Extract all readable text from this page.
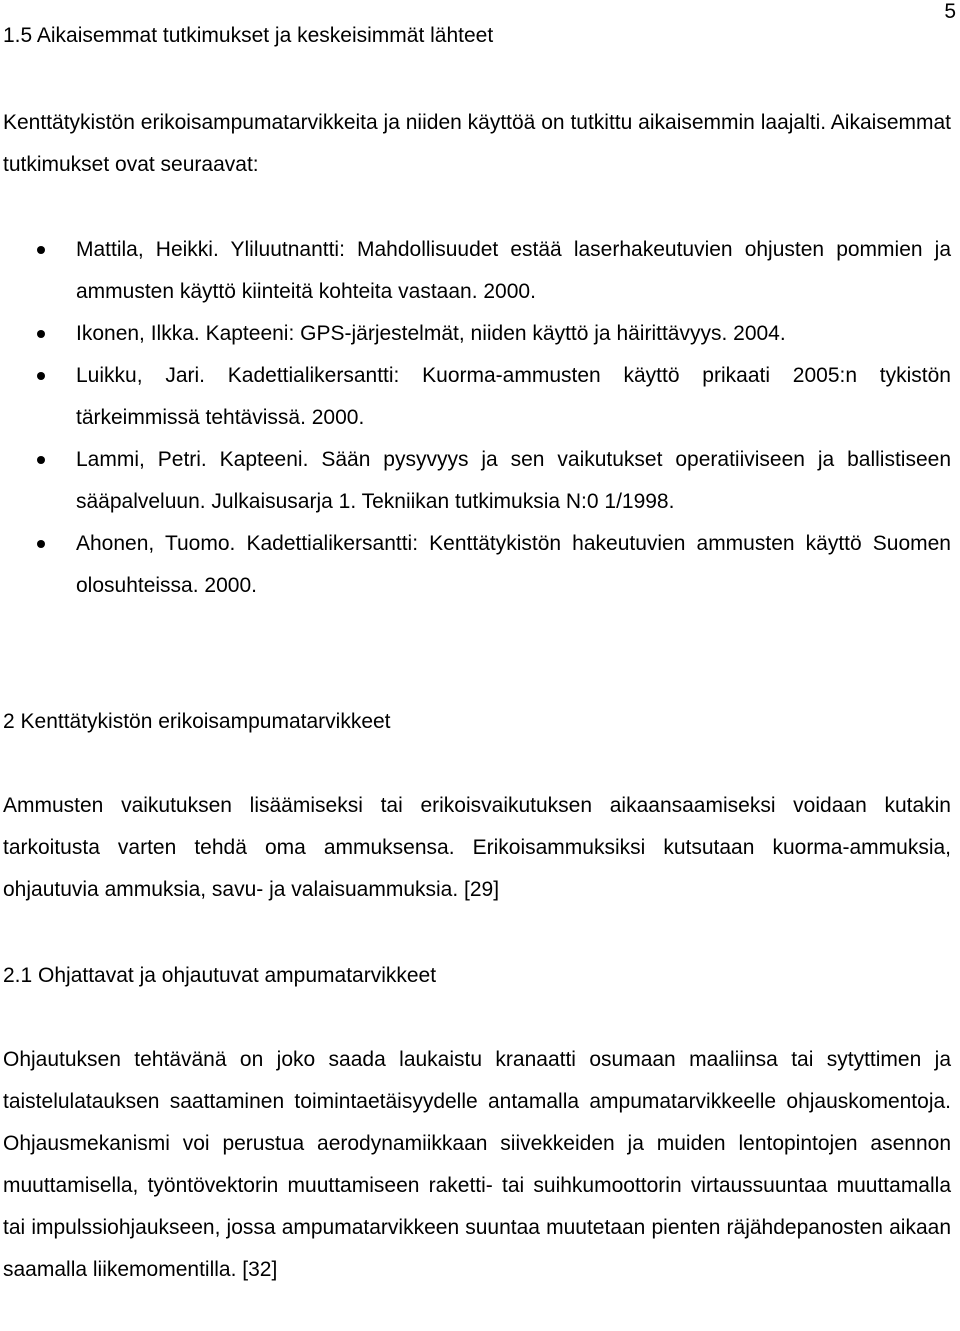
5
1.5 Aikaisemmat tutkimukset ja keskeisimmät lähteet
Kenttätykistön erikoisampumatarvikkeita ja niiden käyttöä on tutkittu aikaisemmin laajalti. Aikaisemmat tutkimukset ovat seuraavat:
Mattila, Heikki. Yliluutnantti: Mahdollisuudet estää laserhakeutuvien ohjusten pommien ja ammusten käyttö kiinteitä kohteita vastaan. 2000.
Ikonen, Ilkka. Kapteeni: GPS-järjestelmät, niiden käyttö ja häirittävyys. 2004.
Luikku, Jari. Kadettialikersantti: Kuorma-ammusten käyttö prikaati 2005:n tykistön tärkeimmissä tehtävissä. 2000.
Lammi, Petri. Kapteeni. Sään pysyvyys ja sen vaikutukset operatiiviseen ja ballistiseen sääpalveluun. Julkaisusarja 1. Tekniikan tutkimuksia N:0 1/1998.
Ahonen, Tuomo. Kadettialikersantti: Kenttätykistön hakeutuvien ammusten käyttö Suomen olosuhteissa. 2000.
2 Kenttätykistön erikoisampumatarvikkeet
Ammusten vaikutuksen lisäämiseksi tai erikoisvaikutuksen aikaansaamiseksi voidaan kutakin tarkoitusta varten tehdä oma ammuksensa. Erikoisammuksiksi kutsutaan kuorma-ammuksia, ohjautuvia ammuksia, savu- ja valaisuammuksia. [29]
2.1 Ohjattavat ja ohjautuvat ampumatarvikkeet
Ohjautuksen tehtävänä on joko saada laukaistu kranaatti osumaan maaliinsa tai sytyttimen ja taistelulatauksen saattaminen toimintaetäisyydelle antamalla ampumatarvikkeelle ohjauskomentoja. Ohjausmekanismi voi perustua aerodynamiikkaan siivekkeiden ja muiden lentopintojen asennon muuttamisella, työntövektorin muuttamiseen raketti- tai suihkumoottorin virtaussuuntaa muuttamalla tai impulssiohjaukseen, jossa ampumatarvikkeen suuntaa muutetaan pienten räjähdepanosten aikaan saamalla liikemomentilla. [32]
